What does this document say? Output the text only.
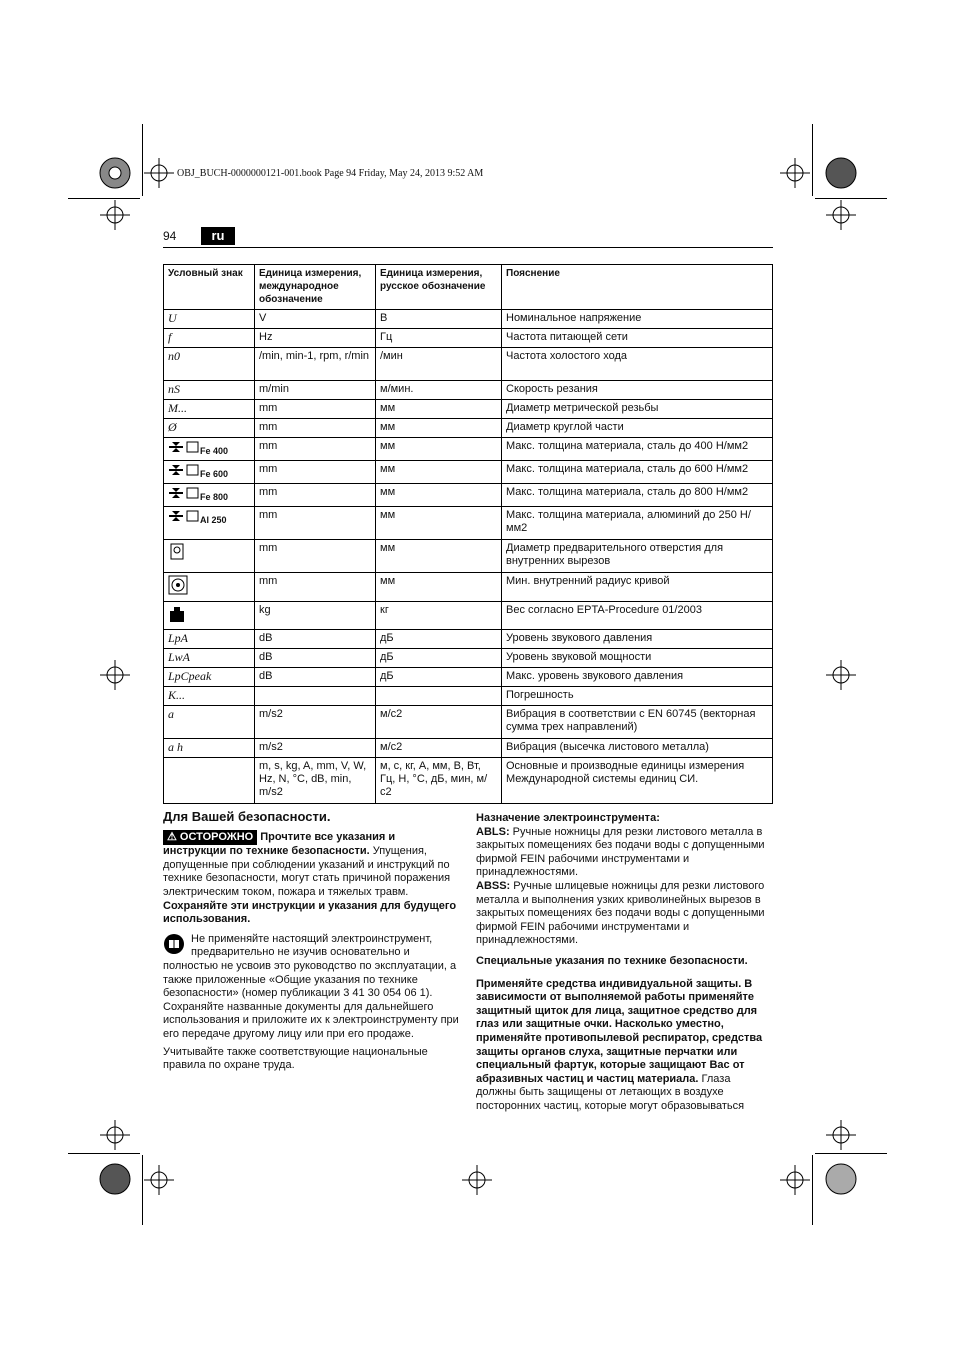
OBJ_BUCH-0000000121-001.book Page 94 Friday, May 24, 2013 9:52 AM
94	ru
Условный знак	Единица измерения, международное обозначение	Единица измерения, русское обозначение	Пояснение
U	V	В	Номинальное напряжение
f	Hz	Гц	Частота питающей сети
n0	/min, min-1, rpm, r/min	/мин	Частота холостого хода
nS	m/min	м/мин.	Скорость резания
M...	mm	мм	Диаметр метрической резьбы
Ø	mm	мм	Диаметр круглой части
Fe 400	mm	мм	Макс. толщина материала, сталь до 400 Н/мм2
Fe 600	mm	мм	Макс. толщина материала, сталь до 600 Н/мм2
Fe 800	mm	мм	Макс. толщина материала, сталь до 800 Н/мм2
Al 250	mm	мм	Макс. толщина материала, алюминий до 250 Н/мм2
	mm	мм	Диаметр предварительного отверстия для внутренних вырезов
	mm	мм	Мин. внутренний радиус кривой
	kg	кг	Вес согласно EPTA-Procedure 01/2003
LpA	dB	дБ	Уровень звукового давления
LwA	dB	дБ	Уровень звуковой мощности
LpCpeak	dB	дБ	Макс. уровень звукового давления
K...			Погрешность
a	m/s2	м/с2	Вибрация в соответствии с EN 60745 (векторная сумма трех направлений)
a h	m/s2	м/с2	Вибрация (высечка листового металла)
	m, s, kg, A, mm, V, W, Hz, N, °C, dB, min, m/s2	м, с, кг, А, мм, В, Вт, Гц, Н, °C, дБ, мин, м/с2	Основные и производные единицы измерения Международной системы единиц СИ.

Для Вашей безопасности.

⚠ ОСТОРОЖНО Прочтите все указания и инструкции по технике безопасности. Упущения, допущенные при соблюдении указаний и инструкций по технике безопасности, могут стать причиной поражения электрическим током, пожара и тяжелых травм.

Сохраняйте эти инструкции и указания для будущего использования.

Не применяйте настоящий электроинструмент, предварительно не изучив основательно и полностью не усвоив это руководство по эксплуатации, а также приложенные «Общие указания по технике безопасности» (номер публикации 3 41 30 054 06 1). Сохраняйте названные документы для дальнейшего использования и приложите их к электроинструменту при его передаче другому лицу или при его продаже.

Учитывайте также соответствующие национальные правила по охране труда.

Назначение электроинструмента:

ABLS: Ручные ножницы для резки листового металла в закрытых помещениях без подачи воды с допущенными фирмой FEIN рабочими инструментами и принадлежностями.

ABSS: Ручные шлицевые ножницы для резки листового металла и выполнения узких криволинейных вырезов в закрытых помещениях без подачи воды с допущенными фирмой FEIN рабочими инструментами и принадлежностями.

Специальные указания по технике безопасности.

Применяйте средства индивидуальной защиты. В зависимости от выполняемой работы применяйте защитный щиток для лица, защитное средство для глаз или защитные очки. Насколько уместно, применяйте противопылевой респиратор, средства защиты органов слуха, защитные перчатки или специальный фартук, которые защищают Вас от абразивных частиц и частиц материала. Глаза должны быть защищены от летающих в воздухе посторонних частиц, которые могут образовываться
